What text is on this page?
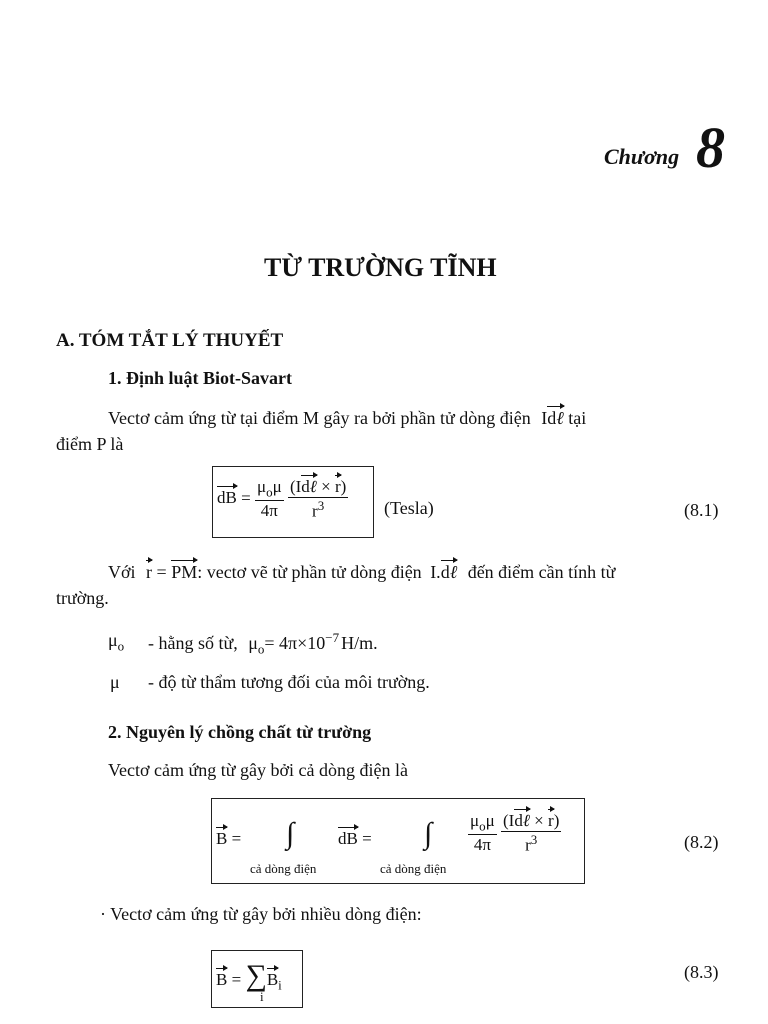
Chương 8
TỪ TRƯỜNG TĨNH
A. TÓM TẮT LÝ THUYẾT
1. Định luật Biot-Savart
Vectơ cảm ứng từ tại điểm M gây ra bởi phần tử dòng điện Idℓ tại
điểm P là
dB = $\frac{\mu_o\mu}{4\pi}$
$\frac{\text{(Idℓ × r)}}{r^3}$ (Tesla)	(8.1)
Với r = PM: vectơ vẽ từ phần tử dòng điện I.dℓ đến điểm cần tính từ
trường.
$\mu_o$ - hằng số từ, $\mu_o= 4\pi\times 10^{-7}$ H/m.
μ - độ từ thẩm tương đối của môi trường.
2. Nguyên lý chồng chất từ trường
Vectơ cảm ứng từ gây bởi cả dòng điện là
B = ∫
cả dòng điện
dB = ∫
cả dòng điện
$\frac{\mu_o\mu}{4\pi}$
$\frac{\text{(Idℓ × r)}}{r^3}$	(8.2)
· Vectơ cảm ứng từ gây bởi nhiều dòng điện:
$B = \sum B_i$
i
(8.3)
